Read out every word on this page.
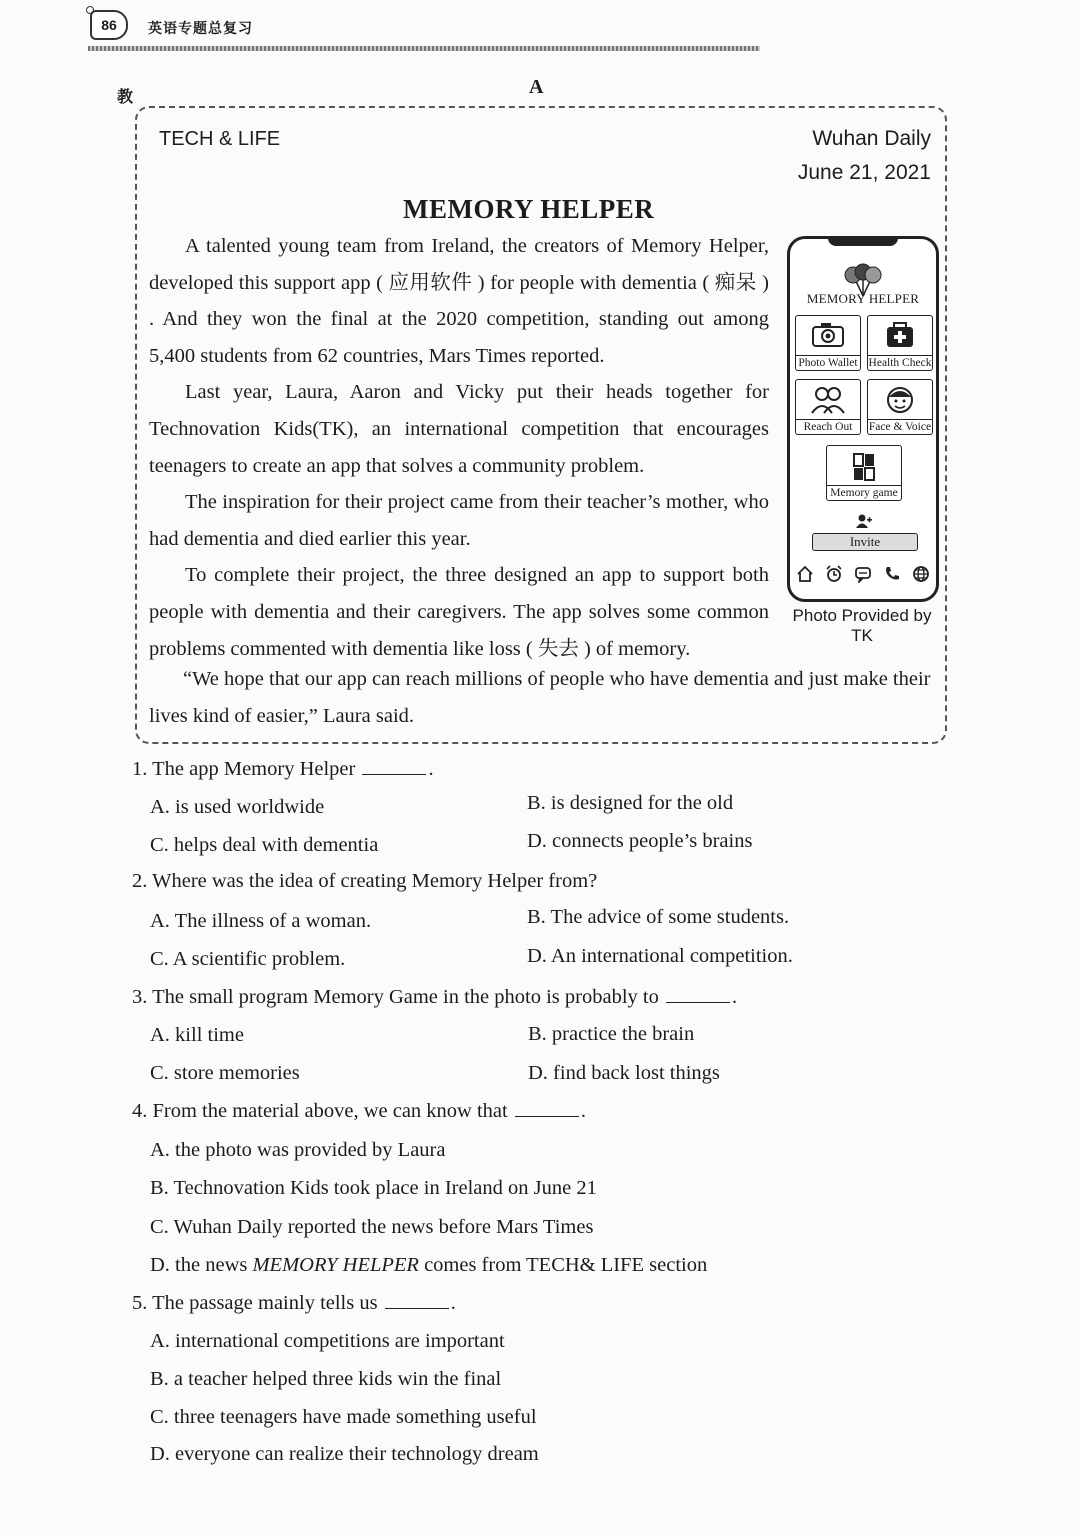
86	英语专题总复习
教	A
TECH & LIFE	Wuhan Daily
June 21, 2021
MEMORY HELPER

A talented young team from Ireland, the creators of Memory Helper, developed this support app ( 应用软件 ) for people with dementia ( 痴呆 ) . And they won the final at the 2020 competition, standing out among 5,400 students from 62 countries, Mars Times reported.

Last year, Laura, Aaron and Vicky put their heads together for Technovation Kids(TK), an international competition that encourages teenagers to create an app that solves a community problem.

The inspiration for their project came from their teacher’s mother, who had dementia and died earlier this year.

To complete their project, the three designed an app to support both people with dementia and their caregivers. The app solves some common problems commented with dementia like loss ( 失去 ) of memory.

“We hope that our app can reach millions of people who have dementia and just make their lives kind of easier,” Laura said.

MEMORY HELPER
Photo Wallet Health Check
Reach Out	Face & Voice
Memory game
Invite
Photo Provided by TK
1. The app Memory Helper	.
A. is used worldwide	B. is designed for the old
C. helps deal with dementia	D. connects people’s brains
2. Where was the idea of creating Memory Helper from?
A. The illness of a woman.	B. The advice of some students.
C. A scientific problem.	D. An international competition.
3. The small program Memory Game in the photo is probably to	.
A. kill time	B. practice the brain
C. store memories	D. find back lost things
4. From the material above, we can know that	.
A. the photo was provided by Laura
B. Technovation Kids took place in Ireland on June 21
C. Wuhan Daily reported the news before Mars Times
D. the news MEMORY HELPER comes from TECH& LIFE section
5. The passage mainly tells us	.
A. international competitions are important
B. a teacher helped three kids win the final
C. three teenagers have made something useful
D. everyone can realize their technology dream
